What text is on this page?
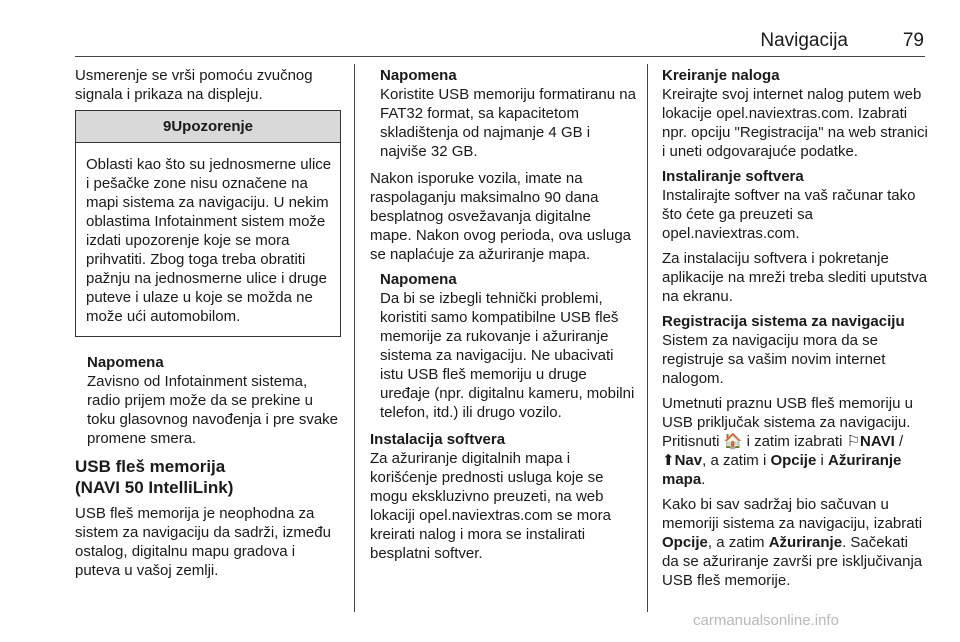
Navigacija	79

Usmerenje se vrši pomoću zvučnog signala i prikaza na displeju.

9Upozorenje
Oblasti kao što su jednosmerne ulice i pešačke zone nisu označene na mapi sistema za navigaciju. U nekim oblastima Infotainment sistem može izdati upozorenje koje se mora prihvatiti. Zbog toga treba obratiti pažnju na jednosmerne ulice i druge puteve i ulaze u koje se možda ne može ući automobilom.
Napomena
Zavisno od Infotainment sistema, radio prijem može da se prekine u toku glasovnog navođenja i pre svake promene smera.
USB fleš memorija
(NAVI 50 IntelliLink)

USB fleš memorija je neophodna za sistem za navigaciju da sadrži, između ostalog, digitalnu mapu gradova i puteva u vašoj zemlji.

Napomena
Koristite USB memoriju formatiranu na FAT32 format, sa kapacitetom skladištenja od najmanje 4 GB i najviše 32 GB.

Nakon isporuke vozila, imate na raspolaganju maksimalno 90 dana besplatnog osvežavanja digitalne mape. Nakon ovog perioda, ova usluga se naplaćuje za ažuriranje mapa.

Napomena
Da bi se izbegli tehnički problemi, koristiti samo kompatibilne USB fleš memorije za rukovanje i ažuriranje sistema za navigaciju. Ne ubacivati istu USB fleš memoriju u druge uređaje (npr. digitalnu kameru, mobilni telefon, itd.) ili drugo vozilo.
Instalacija softvera

Za ažuriranje digitalnih mapa i korišćenje prednosti usluga koje se mogu ekskluzivno preuzeti, na web lokaciji opel.naviextras.com se mora kreirati nalog i mora se instalirati besplatni softver.

Kreiranje naloga

Kreirajte svoj internet nalog putem web lokacije opel.naviextras.com. Izabrati npr. opciju "Registracija" na web stranici i uneti odgovarajuće podatke.

Instaliranje softvera

Instalirajte softver na vaš računar tako što ćete ga preuzeti sa opel.naviextras.com.

Za instalaciju softvera i pokretanje aplikacije na mreži treba slediti uputstva na ekranu.

Registracija sistema za navigaciju

Sistem za navigaciju mora da se registruje sa vašim novim internet nalogom.

Umetnuti praznu USB fleš memoriju u USB priključak sistema za navigaciju. Pritisnuti 🏠 i zatim izabrati ⚐NAVI / ⬆Nav, a zatim i Opcije i Ažuriranje mapa.

Kako bi sav sadržaj bio sačuvan u memoriji sistema za navigaciju, izabrati Opcije, a zatim Ažuriranje. Sačekati da se ažuriranje završi pre isključivanja USB fleš memorije.

carmanualsonline.info
